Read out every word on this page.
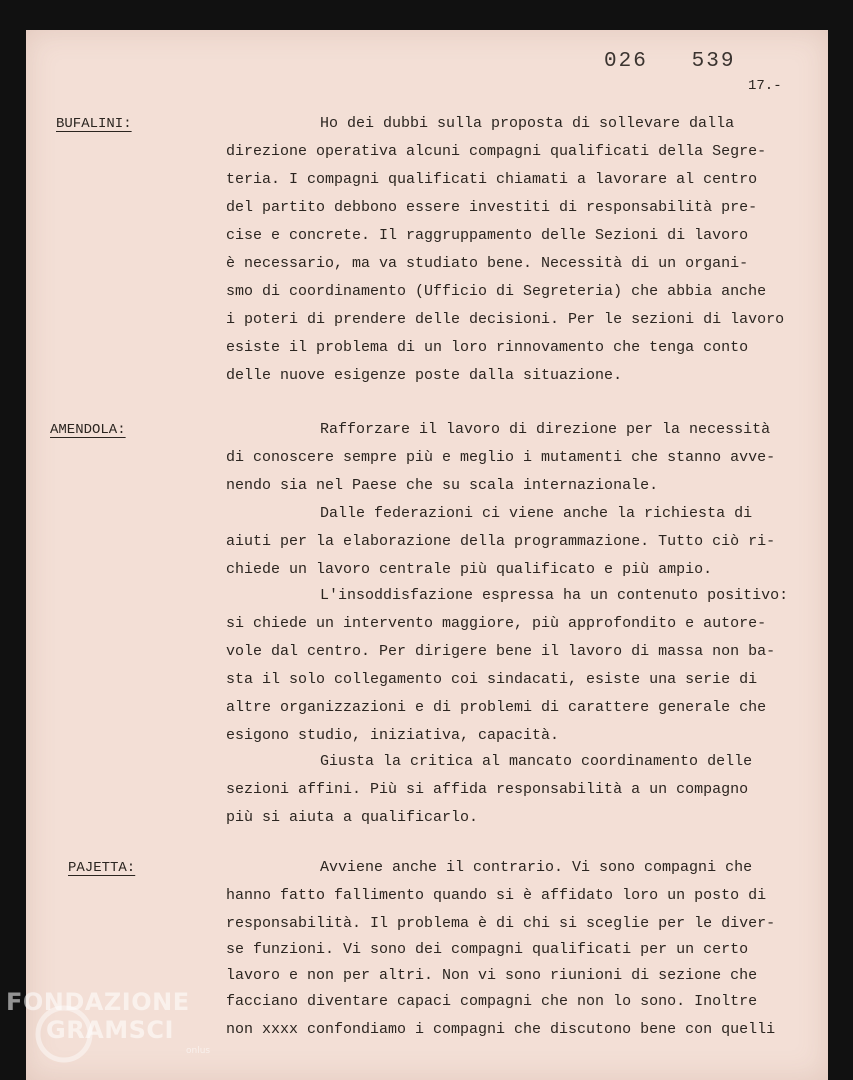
026   539
17.-
BUFALINI:	Ho dei dubbi sulla proposta di sollevare dalla
direzione operativa alcuni compagni qualificati della Segre-
teria. I compagni qualificati chiamati a lavorare al centro
del partito debbono essere investiti di responsabilità pre-
cise e concrete. Il raggruppamento delle Sezioni di lavoro
è necessario, ma va studiato bene. Necessità di un organi-
smo di coordinamento (Ufficio di Segreteria) che abbia anche
i poteri di prendere delle decisioni. Per le sezioni di lavoro
esiste il problema di un loro rinnovamento che tenga conto
delle nuove esigenze poste dalla situazione.
AMENDOLA:	Rafforzare il lavoro di direzione per la necessità
di conoscere sempre più e meglio i mutamenti che stanno avve-
nendo sia nel Paese che su scala internazionale.
Dalle federazioni ci viene anche la richiesta di
aiuti per la elaborazione della programmazione. Tutto ciò ri-
chiede un lavoro centrale più qualificato e più ampio.
L'insoddisfazione espressa ha un contenuto positivo:
si chiede un intervento maggiore, più approfondito e autore-
vole dal centro. Per dirigere bene il lavoro di massa non ba-
sta il solo collegamento coi sindacati, esiste una serie di
altre organizzazioni e di problemi di carattere generale che
esigono studio, iniziativa, capacità.
Giusta la critica al mancato coordinamento delle
sezioni affini. Più si affida responsabilità a un compagno
più si aiuta a qualificarlo.
PAJETTA:	Avviene anche il contrario. Vi sono compagni che
hanno fatto fallimento quando si è affidato loro un posto di
responsabilità. Il problema è di chi si sceglie per le diver-
se funzioni. Vi sono dei compagni qualificati per un certo
lavoro e non per altri. Non vi sono riunioni di sezione che
facciano diventare capaci compagni che non lo sono. Inoltre
non xxxx confondiamo i compagni che discutono bene con quelli
FONDAZIONE
GRAMSCI
onlus
